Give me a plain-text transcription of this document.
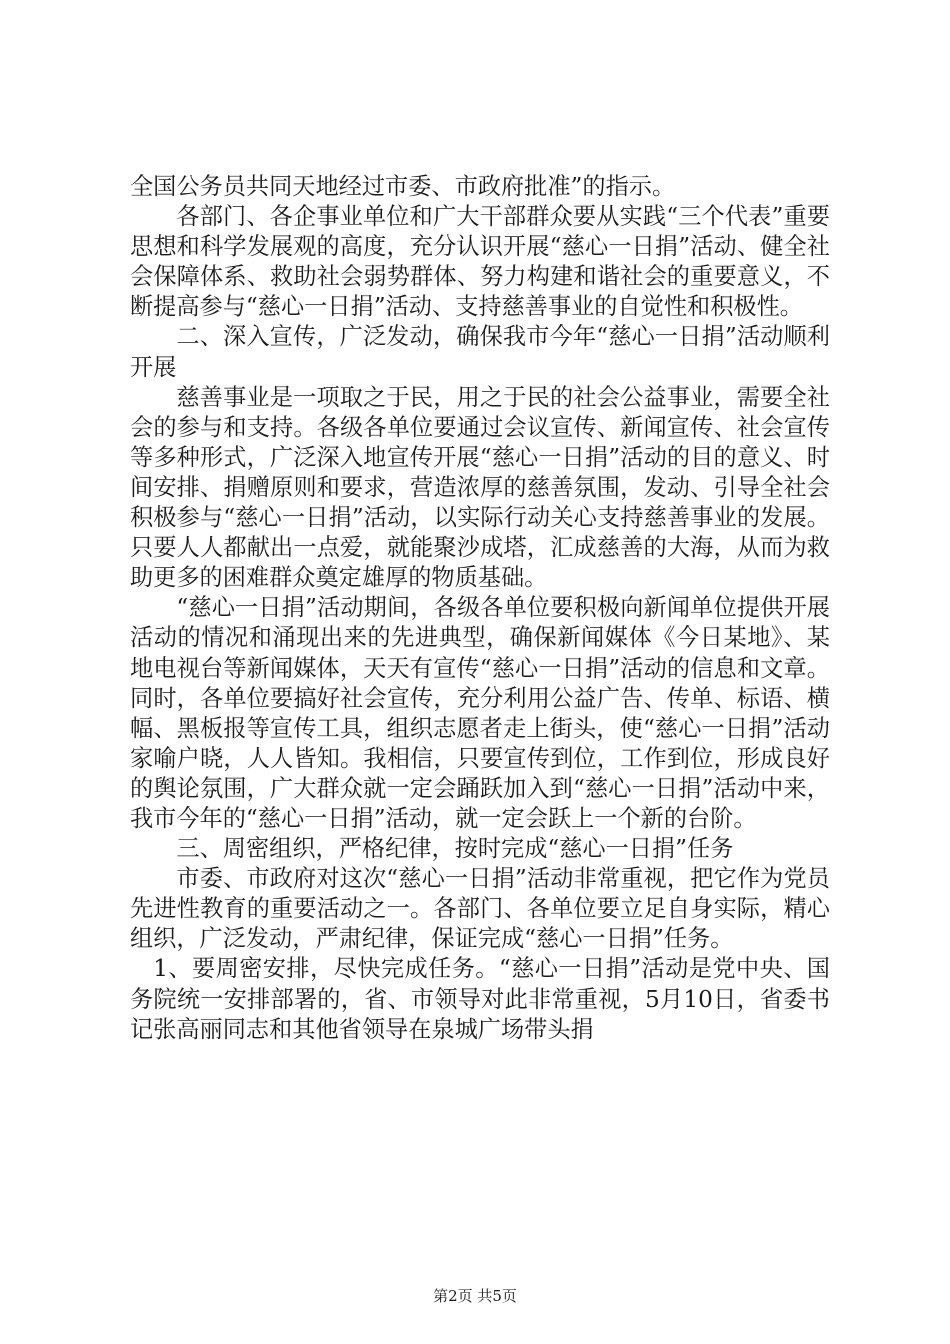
全国公务员共同天地经过市委、市政府批准”的指示。

各部门、各企事业单位和广大干部群众要从实践“三个代表”重要思想和科学发展观的高度，充分认识开展“慈心一日捐”活动、健全社会保障体系、救助社会弱势群体、努力构建和谐社会的重要意义，不断提高参与“慈心一日捐”活动、支持慈善事业的自觉性和积极性。

二、深入宣传，广泛发动，确保我市今年“慈心一日捐”活动顺利开展

慈善事业是一项取之于民，用之于民的社会公益事业，需要全社会的参与和支持。各级各单位要通过会议宣传、新闻宣传、社会宣传等多种形式，广泛深入地宣传开展“慈心一日捐”活动的目的意义、时间安排、捐赠原则和要求，营造浓厚的慈善氛围，发动、引导全社会积极参与“慈心一日捐”活动，以实际行动关心支持慈善事业的发展。只要人人都献出一点爱，就能聚沙成塔，汇成慈善的大海，从而为救助更多的困难群众奠定雄厚的物质基础。

“慈心一日捐”活动期间，各级各单位要积极向新闻单位提供开展活动的情况和涌现出来的先进典型，确保新闻媒体《今日某地》、某地电视台等新闻媒体，天天有宣传“慈心一日捐”活动的信息和文章。同时，各单位要搞好社会宣传，充分利用公益广告、传单、标语、横幅、黑板报等宣传工具，组织志愿者走上街头，使“慈心一日捐”活动家喻户晓，人人皆知。我相信，只要宣传到位，工作到位，形成良好的舆论氛围，广大群众就一定会踊跃加入到“慈心一日捐”活动中来，我市今年的“慈心一日捐”活动，就一定会跃上一个新的台阶。

三、周密组织，严格纪律，按时完成“慈心一日捐”任务

市委、市政府对这次“慈心一日捐”活动非常重视，把它作为党员先进性教育的重要活动之一。各部门、各单位要立足自身实际，精心组织，广泛发动，严肃纪律，保证完成“慈心一日捐”任务。

1、要周密安排，尽快完成任务。“慈心一日捐”活动是党中央、国务院统一安排部署的，省、市领导对此非常重视，5月10日，省委书记张高丽同志和其他省领导在泉城广场带头捐

第2页 共5页
